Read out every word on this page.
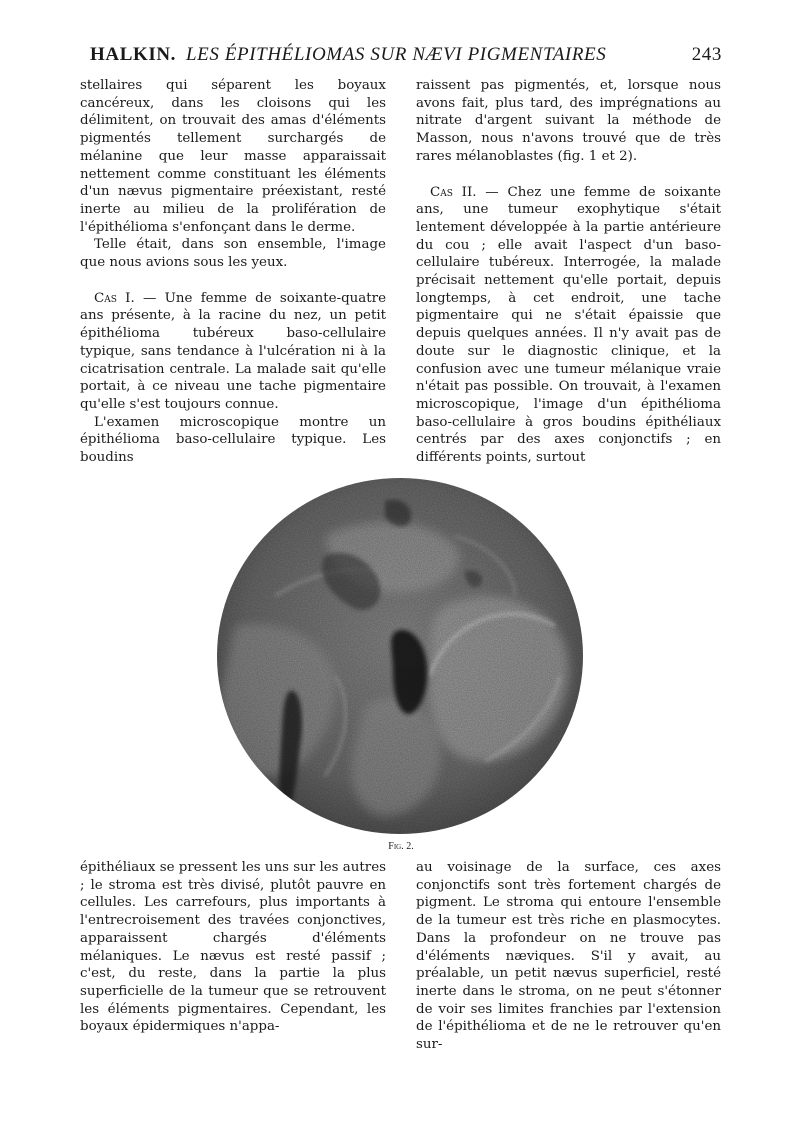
HALKIN. LES ÉPITHÉLIOMAS SUR NÆVI PIGMENTAIRES	243

stellaires qui séparent les boyaux cancéreux, dans les cloisons qui les délimitent, on trouvait des amas d'éléments pigmentés tellement surchargés de mélanine que leur masse apparaissait nettement comme constituant les éléments d'un nævus pigmentaire préexistant, resté inerte au milieu de la prolifération de l'épithélioma s'enfonçant dans le derme.

Telle était, dans son ensemble, l'image que nous avions sous les yeux.

Cas I. — Une femme de soixante-quatre ans présente, à la racine du nez, un petit épithélioma tubéreux baso-cellulaire typique, sans tendance à l'ulcération ni à la cicatrisation centrale. La malade sait qu'elle portait, à ce niveau une tache pigmentaire qu'elle s'est toujours connue.

L'examen microscopique montre un épithélioma baso-cellulaire typique. Les boudins

raissent pas pigmentés, et, lorsque nous avons fait, plus tard, des imprégnations au nitrate d'argent suivant la méthode de Masson, nous n'avons trouvé que de très rares mélanoblastes (fig. 1 et 2).

Cas II. — Chez une femme de soixante ans, une tumeur exophytique s'était lentement développée à la partie antérieure du cou ; elle avait l'aspect d'un baso-cellulaire tubéreux. Interrogée, la malade précisait nettement qu'elle portait, depuis longtemps, à cet endroit, une tache pigmentaire qui ne s'était épaissie que depuis quelques années. Il n'y avait pas de doute sur le diagnostic clinique, et la confusion avec une tumeur mélanique vraie n'était pas possible. On trouvait, à l'examen microscopique, l'image d'un épithélioma baso-cellulaire à gros boudins épithéliaux centrés par des axes conjonctifs ; en différents points, surtout

Fig. 2.

épithéliaux se pressent les uns sur les autres ; le stroma est très divisé, plutôt pauvre en cellules. Les carrefours, plus importants à l'entrecroisement des travées conjonctives, apparaissent chargés d'éléments mélaniques. Le nævus est resté passif ; c'est, du reste, dans la partie la plus superficielle de la tumeur que se retrouvent les éléments pigmentaires. Cependant, les boyaux épidermiques n'appa-

au voisinage de la surface, ces axes conjonctifs sont très fortement chargés de pigment. Le stroma qui entoure l'ensemble de la tumeur est très riche en plasmocytes. Dans la profondeur on ne trouve pas d'éléments næviques. S'il y avait, au préalable, un petit nævus superficiel, resté inerte dans le stroma, on ne peut s'étonner de voir ses limites franchies par l'extension de l'épithélioma et de ne le retrouver qu'en sur-
